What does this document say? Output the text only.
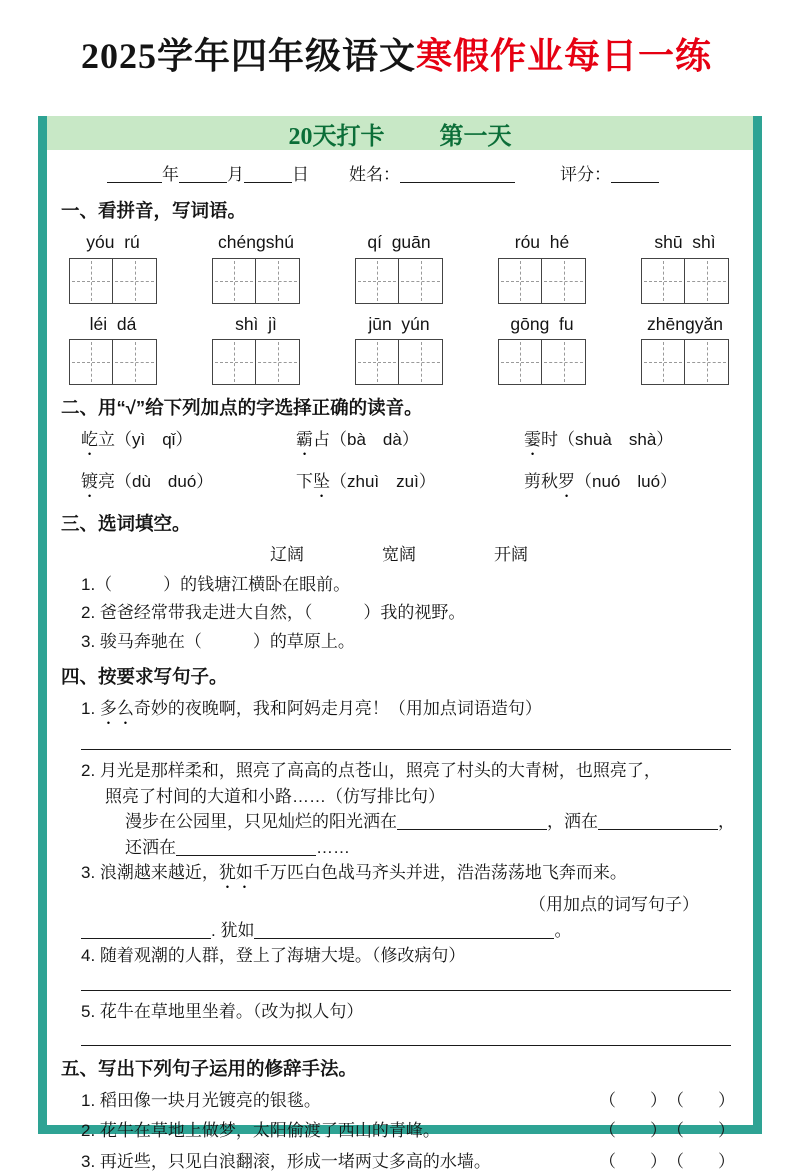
2025学年四年级语文寒假作业每日一练
20天打卡 第一天
年	月	日 姓名：	评分：
一、看拼音，写词语。
yóu  rú	chéngshú	qí  guān	róu  hé	shū  shì
léi  dá	shì  jì	jūn  yún	gōng  fu	zhēngyǎn
二、用“√”给下列加点的字选择正确的读音。
屹立（yì　qǐ）	霸占（bà　dà）	霎时（shuà　shà）
镀亮（dù　duó）	下坠（zhuì　zuì）	剪秋罗（nuó　luó）
三、选词填空。
辽阔	宽阔	开阔
1.（　　　）的钱塘江横卧在眼前。
2. 爸爸经常带我走进大自然，（　　　）我的视野。
3. 骏马奔驰在（　　　）的草原上。
四、按要求写句子。
1. 多么奇妙的夜晚啊，我和阿妈走月亮！（用加点词语造句）
2. 月光是那样柔和，照亮了高高的点苍山，照亮了村头的大青树，也照亮了，
照亮了村间的大道和小路……（仿写排比句）
漫步在公园里，只见灿烂的阳光洒在	，洒在	，
还洒在	……
3. 浪潮越来越近，犹如千万匹白色战马齐头并进，浩浩荡荡地飞奔而来。
（用加点的词写句子）
. 犹如	。
4. 随着观潮的人群，登上了海塘大堤。（修改病句）
5. 花牛在草地里坐着。（改为拟人句）
五、写出下列句子运用的修辞手法。
1. 稻田像一块月光镀亮的银毯。	（　　）　（　　）
2. 花牛在草地上做梦，太阳偷渡了西山的青峰。	（　　）　（　　）
3. 再近些，只见白浪翻滚，形成一堵两丈多高的水墙。	（　　）　（　　）
